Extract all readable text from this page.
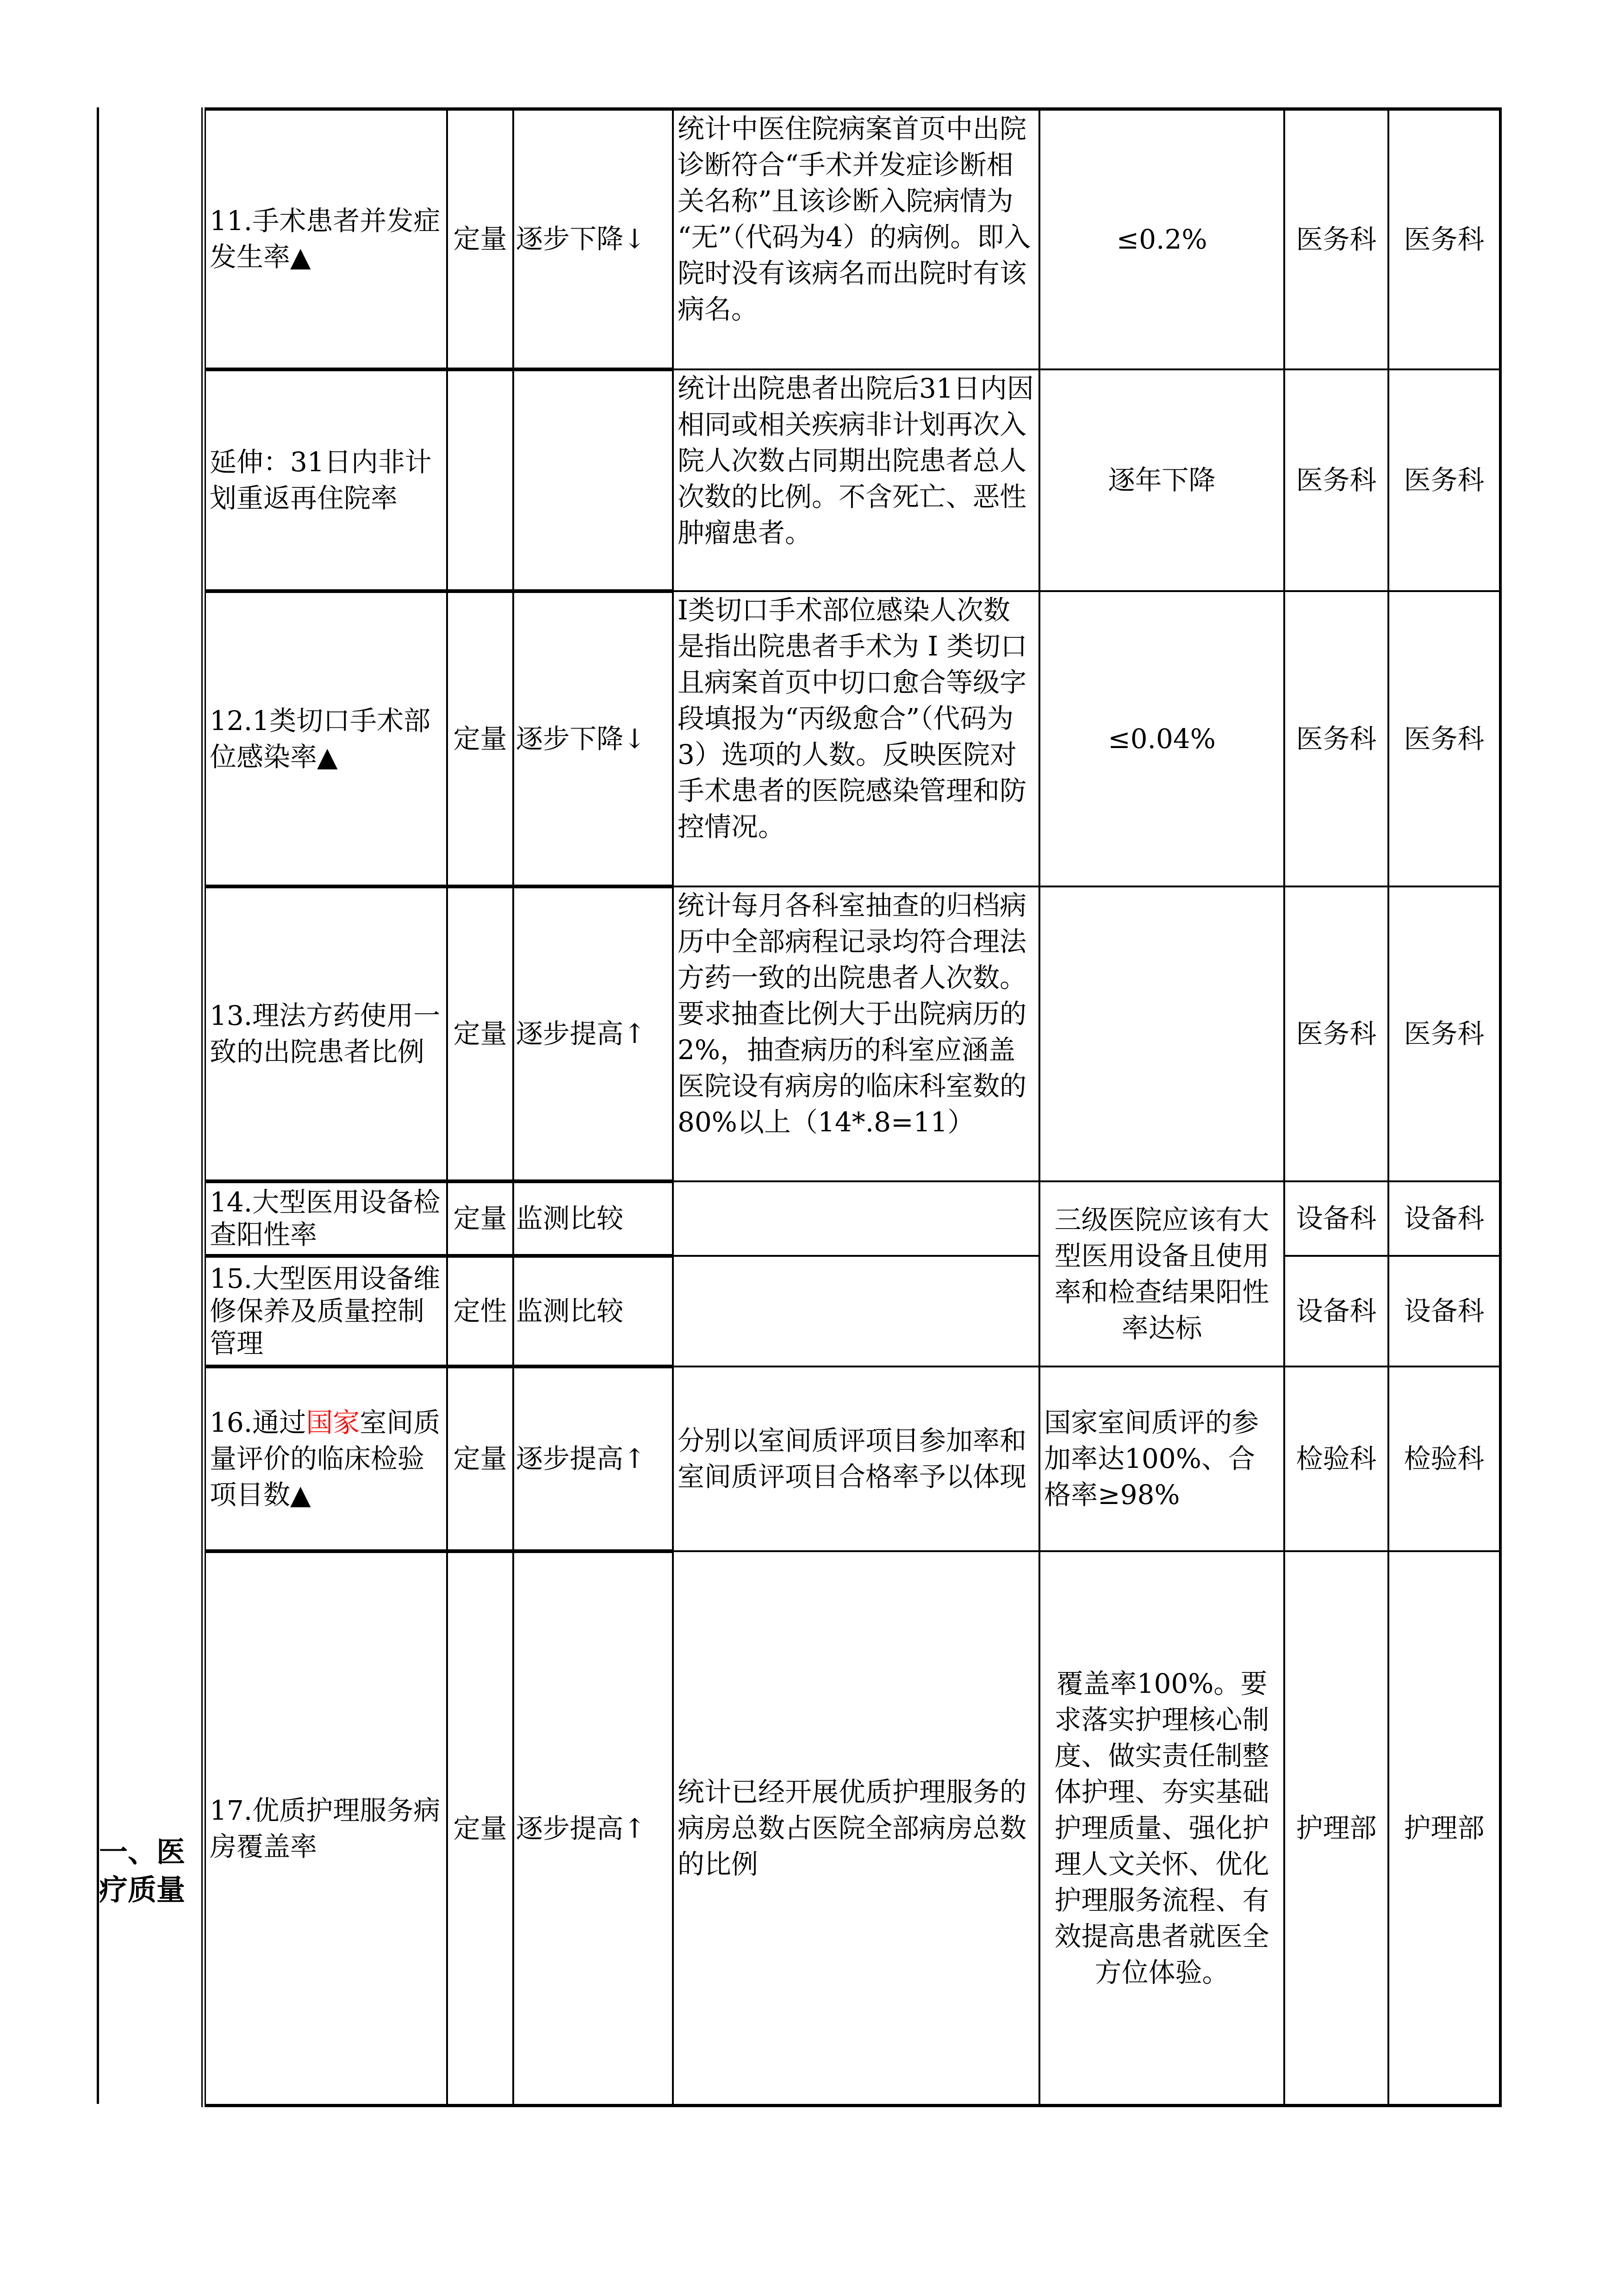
一、医疗质量
11.手术患者并发症发生率▲	定量	逐步下降↓	统计中医住院病案首页中出院诊断符合“手术并发症诊断相关名称”且该诊断入院病情为 “无”（代码为4）的病例。即入院时没有该病名而出院时有该病名。	≤0.2%	医务科	医务科
延伸：31日内非计划重返再住院率			统计出院患者出院后31日内因相同或相关疾病非计划再次入院人次数占同期出院患者总人次数的比例。不含死亡、恶性肿瘤患者。	逐年下降	医务科	医务科
12.1类切口手术部位感染率▲	定量	逐步下降↓	I类切口手术部位感染人次数是指出院患者手术为 I 类切口且病案首页中切口愈合等级字段填报为“丙级愈合”（代码为 3）选项的人数。反映医院对手术患者的医院感染管理和防控情况。	≤0.04%	医务科	医务科
13.理法方药使用一致的出院患者比例	定量	逐步提高↑	统计每月各科室抽查的归档病历中全部病程记录均符合理法方药一致的出院患者人次数。要求抽查比例大于出院病历的2%，抽查病历的科室应涵盖医院设有病房的临床科室数的80%以上（14*.8=11）		医务科	医务科
14.大型医用设备检查阳性率	定量	监测比较		三级医院应该有大型医用设备且使用率和检查结果阳性率达标	设备科	设备科
15.大型医用设备维修保养及质量控制管理	定性	监测比较			设备科	设备科
16.通过国家室间质量评价的临床检验项目数▲	定量	逐步提高↑	分别以室间质评项目参加率和室间质评项目合格率予以体现	国家室间质评的参加率达100%、合格率≥98%	检验科	检验科
17.优质护理服务病房覆盖率	定量	逐步提高↑	统计已经开展优质护理服务的病房总数占医院全部病房总数的比例	覆盖率100%。要求落实护理核心制度、做实责任制整体护理、夯实基础护理质量、强化护理人文关怀、优化护理服务流程、有效提高患者就医全方位体验。	护理部	护理部
